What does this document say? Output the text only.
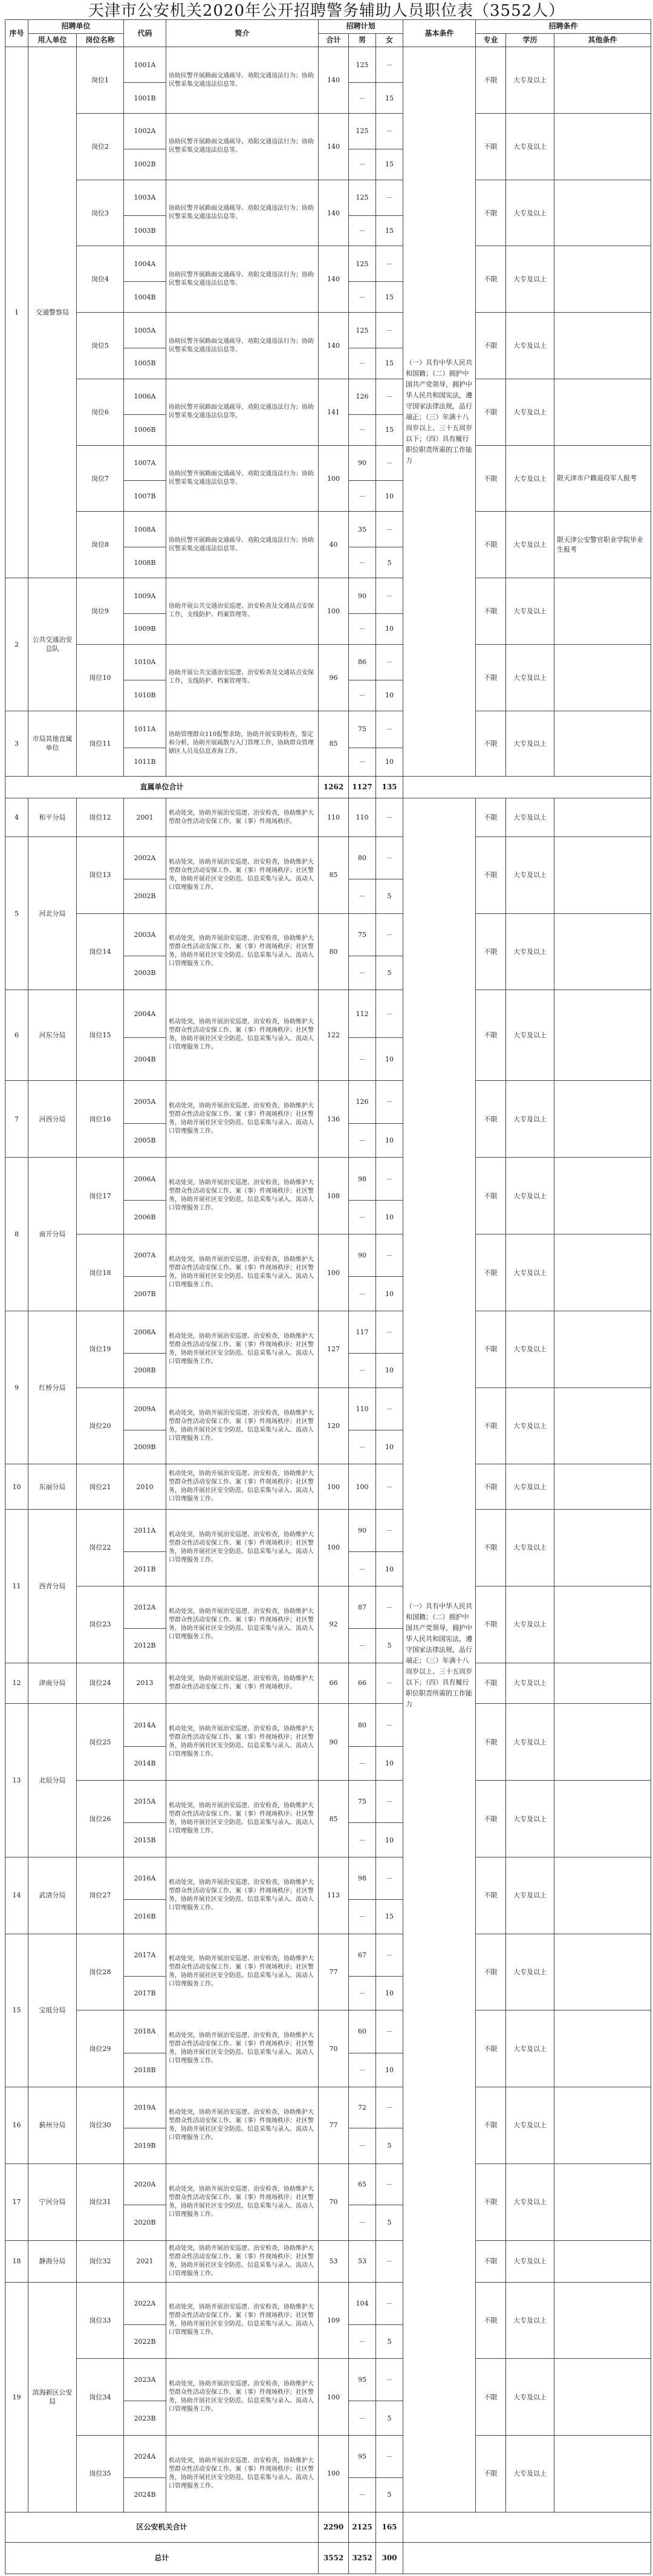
天津市公安机关2020年公开招聘警务辅助人员职位表（3552人）
序号	招聘单位		代码	简介	招聘计划			基本条件	招聘条件		
	用人单位	岗位名称			合计	男	女		专业	学历	其他条件
1	交通警察局	岗位1	1001A	协助民警开展路面交通疏导、劝阻交通违法行为；协助民警采集交通违法信息等。	140	125	－	（一）具有中华人民共和国籍；（二）拥护中国共产党领导，拥护中华人民共和国宪法，遵守国家法律法规，品行端正；（三）年满十八周岁以上、三十五周岁以下；（四）具有履行职位职责所需的工作能力	不限	大专及以上	
			1001B			－	15				
		岗位2	1002A	协助民警开展路面交通疏导、劝阻交通违法行为；协助民警采集交通违法信息等。	140	125	－		不限	大专及以上	
			1002B			－	15				
		岗位3	1003A	协助民警开展路面交通疏导、劝阻交通违法行为；协助民警采集交通违法信息等。	140	125	－		不限	大专及以上	
			1003B			－	15				
		岗位4	1004A	协助民警开展路面交通疏导、劝阻交通违法行为；协助民警采集交通违法信息等。	140	125	－		不限	大专及以上	
			1004B			－	15				
		岗位5	1005A	协助民警开展路面交通疏导、劝阻交通违法行为；协助民警采集交通违法信息等。	140	125	－		不限	大专及以上	
			1005B			－	15				
		岗位6	1006A	协助民警开展路面交通疏导、劝阻交通违法行为；协助民警采集交通违法信息等。	141	126	－		不限	大专及以上	
			1006B			－	15				
		岗位7	1007A	协助民警开展路面交通疏导、劝阻交通违法行为；协助民警采集交通违法信息等。	100	90	－		不限	大专及以上	限天津市户籍退役军人报考
			1007B			－	10				
		岗位8	1008A	协助民警开展路面交通疏导、劝阻交通违法行为；协助民警采集交通违法信息等。	40	35	－		不限	大专及以上	限天津公安警官职业学院毕业生报考
			1008B			－	5				
2	公共交通治安总队	岗位9	1009A	协助开展公共交通治安巡逻、治安检查及交通站点安保工作，支线防护、档案管理等。	100	90	－		不限	大专及以上	
			1009B			－	10				
		岗位10	1010A	协助开展公共交通治安巡逻、治安检查及交通站点安保工作，支线防护、档案管理等。	96	86	－		不限	大专及以上	
			1010B			－	10				
3	市局其他直属单位	岗位11	1011A	协助管理群众110报警求助，协助开展安防检查，鉴定和分析，协助开展疏散与入门管理工作，协助群众管理辖区人员及信息查询工作。	85	75	－		不限	大专及以上	
			1011B			－	10				
直属单位合计					1262	1127	135				
4	和平分局	岗位12	2001	机动处突，协助开展治安巡逻、治安检查，协助维护大型群众性活动安保工作、案（事）件现场秩序。	110	110	－	（一）具有中华人民共和国籍；（二）拥护中国共产党领导，拥护中华人民共和国宪法，遵守国家法律法规，品行端正；（三）年满十八周岁以上、三十五周岁以下；（四）具有履行职位职责所需的工作能力	不限	大专及以上	
5	河北分局	岗位13	2002A	机动处突，协助开展治安巡逻、治安检查，协助维护大型群众性活动安保工作、案（事）件现场秩序；社区警务，协助开展社区安全防范、信息采集与录入、流动人口管理服务工作。	85	80	－		不限	大专及以上	
			2002B			－	5				
		岗位14	2003A	机动处突，协助开展治安巡逻、治安检查，协助维护大型群众性活动安保工作、案（事）件现场秩序；社区警务，协助开展社区安全防范、信息采集与录入、流动人口管理服务工作。	80	75	－		不限	大专及以上	
			2003B			－	5				
6	河东分局	岗位15	2004A	机动处突，协助开展治安巡逻、治安检查，协助维护大型群众性活动安保工作、案（事）件现场秩序；社区警务，协助开展社区安全防范、信息采集与录入、流动人口管理服务工作。	122	112	－		不限	大专及以上	
			2004B			－	10				
7	河西分局	岗位16	2005A	机动处突，协助开展治安巡逻、治安检查，协助维护大型群众性活动安保工作、案（事）件现场秩序；社区警务，协助开展社区安全防范、信息采集与录入、流动人口管理服务工作。	136	126	－		不限	大专及以上	
			2005B			－	10				
8	南开分局	岗位17	2006A	机动处突，协助开展治安巡逻、治安检查，协助维护大型群众性活动安保工作、案（事）件现场秩序；社区警务，协助开展社区安全防范、信息采集与录入、流动人口管理服务工作。	108	98	－		不限	大专及以上	
			2006B			－	10				
		岗位18	2007A	机动处突，协助开展治安巡逻、治安检查，协助维护大型群众性活动安保工作、案（事）件现场秩序；社区警务，协助开展社区安全防范、信息采集与录入、流动人口管理服务工作。	100	90	－		不限	大专及以上	
			2007B			－	10				
9	红桥分局	岗位19	2008A	机动处突，协助开展治安巡逻、治安检查，协助维护大型群众性活动安保工作、案（事）件现场秩序；社区警务，协助开展社区安全防范、信息采集与录入、流动人口管理服务工作。	127	117	－		不限	大专及以上	
			2008B			－	10				
		岗位20	2009A	机动处突，协助开展治安巡逻、治安检查，协助维护大型群众性活动安保工作、案（事）件现场秩序；社区警务，协助开展社区安全防范、信息采集与录入、流动人口管理服务工作。	120	110	－		不限	大专及以上	
			2009B			－	10				
10	东丽分局	岗位21	2010	机动处突，协助开展治安巡逻、治安检查，协助维护大型群众性活动安保工作、案（事）件现场秩序；社区警务，协助开展社区安全防范、信息采集与录入、流动人口管理服务工作。	100	100	－		不限	大专及以上	
11	西青分局	岗位22	2011A	机动处突，协助开展治安巡逻、治安检查，协助维护大型群众性活动安保工作、案（事）件现场秩序；社区警务，协助开展社区安全防范、信息采集与录入、流动人口管理服务工作。	100	90	－		不限	大专及以上	
			2011B			－	10				
		岗位23	2012A	机动处突，协助开展治安巡逻、治安检查，协助维护大型群众性活动安保工作、案（事）件现场秩序；社区警务，协助开展社区安全防范、信息采集与录入、流动人口管理服务工作。	92	87	－		不限	大专及以上	
			2012B			－	5				
12	津南分局	岗位24	2013	机动处突，协助开展治安巡逻、治安检查，协助维护大型群众性活动安保工作、案（事）件现场秩序。	66	66	－		不限	大专及以上	
13	北辰分局	岗位25	2014A	机动处突，协助开展治安巡逻、治安检查，协助维护大型群众性活动安保工作、案（事）件现场秩序；社区警务，协助开展社区安全防范、信息采集与录入、流动人口管理服务工作。	90	80	－		不限	大专及以上	
			2014B			－	10				
		岗位26	2015A	机动处突，协助开展治安巡逻、治安检查，协助维护大型群众性活动安保工作、案（事）件现场秩序；社区警务，协助开展社区安全防范、信息采集与录入、流动人口管理服务工作。	85	75	－		不限	大专及以上	
			2015B			－	10				
14	武清分局	岗位27	2016A	机动处突，协助开展治安巡逻、治安检查，协助维护大型群众性活动安保工作、案（事）件现场秩序；社区警务，协助开展社区安全防范、信息采集与录入、流动人口管理服务工作。	113	98	－		不限	大专及以上	
			2016B			－	15				
15	宝坻分局	岗位28	2017A	机动处突，协助开展治安巡逻、治安检查，协助维护大型群众性活动安保工作、案（事）件现场秩序；社区警务，协助开展社区安全防范、信息采集与录入、流动人口管理服务工作。	77	67	－		不限	大专及以上	
			2017B			－	10				
		岗位29	2018A	机动处突，协助开展治安巡逻、治安检查，协助维护大型群众性活动安保工作、案（事）件现场秩序；社区警务，协助开展社区安全防范、信息采集与录入、流动人口管理服务工作。	70	60	－		不限	大专及以上	
			2018B			－	10				
16	蓟州分局	岗位30	2019A	机动处突，协助开展治安巡逻、治安检查，协助维护大型群众性活动安保工作、案（事）件现场秩序；社区警务，协助开展社区安全防范、信息采集与录入、流动人口管理服务工作。	77	72	－		不限	大专及以上	
			2019B			－	5				
17	宁河分局	岗位31	2020A	机动处突，协助开展治安巡逻、治安检查，协助维护大型群众性活动安保工作、案（事）件现场秩序；社区警务，协助开展社区安全防范、信息采集与录入、流动人口管理服务工作。	70	65	－		不限	大专及以上	
			2020B			－	5				
18	静海分局	岗位32	2021	机动处突，协助开展治安巡逻、治安检查，协助维护大型群众性活动安保工作、案（事）件现场秩序；社区警务，协助开展社区安全防范、信息采集与录入、流动人口管理服务工作。	53	53	－		不限	大专及以上	
19	滨海新区公安局	岗位33	2022A	机动处突，协助开展治安巡逻、治安检查，协助维护大型群众性活动安保工作、案（事）件现场秩序；社区警务，协助开展社区安全防范、信息采集与录入、流动人口管理服务工作。	109	104	－		不限	大专及以上	
			2022B			－	5				
		岗位34	2023A	机动处突，协助开展治安巡逻、治安检查，协助维护大型群众性活动安保工作、案（事）件现场秩序；社区警务，协助开展社区安全防范、信息采集与录入、流动人口管理服务工作。	100	95	－		不限	大专及以上	
			2023B			－	5				
		岗位35	2024A	机动处突，协助开展治安巡逻、治安检查，协助维护大型群众性活动安保工作、案（事）件现场秩序；社区警务，协助开展社区安全防范、信息采集与录入、流动人口管理服务工作。	100	95	－		不限	大专及以上	
			2024B			－	5				
区公安机关合计					2290	2125	165				
总计					3552	3252	300				
